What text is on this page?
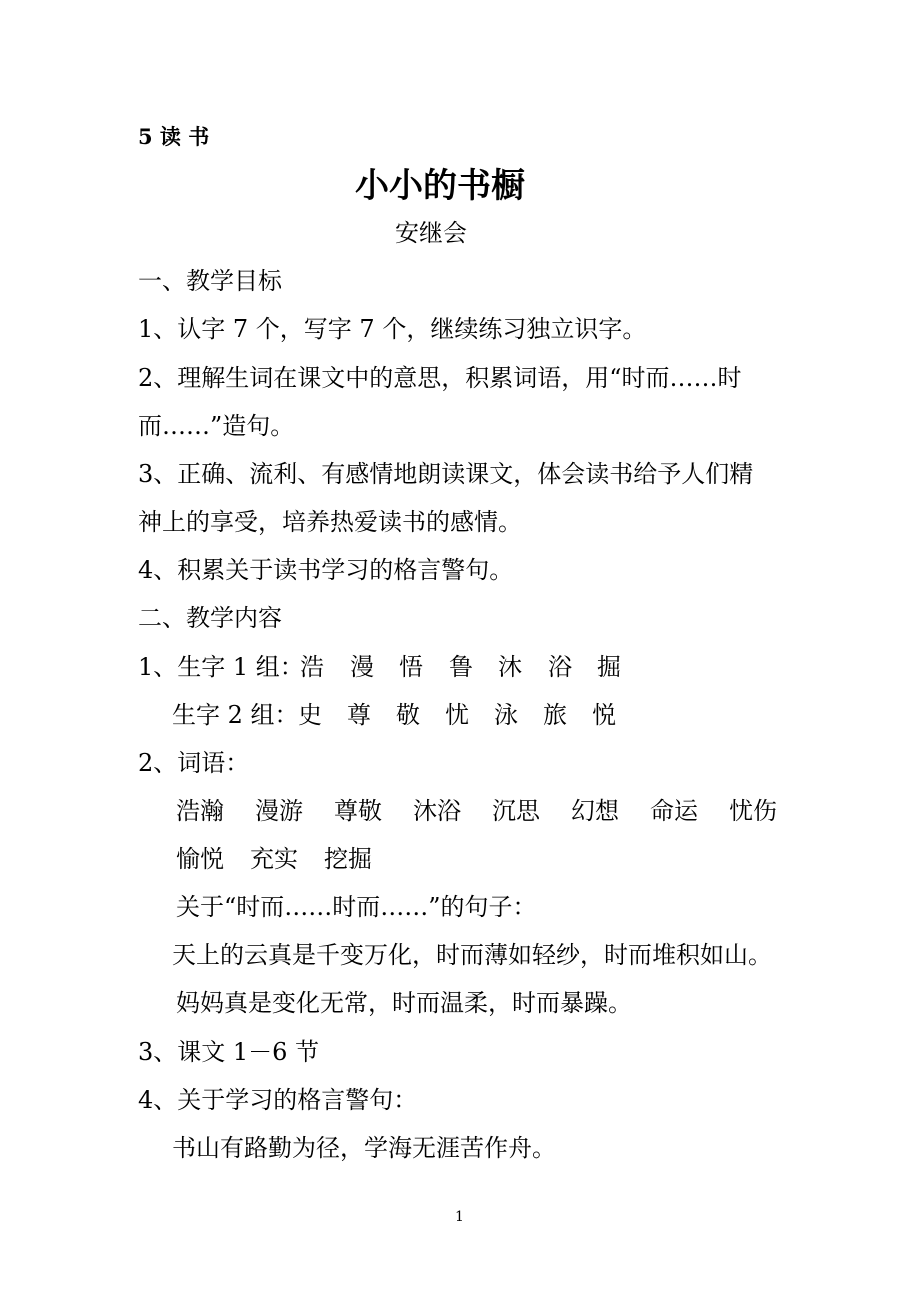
5 读 书
小小的书橱
安继会
一、教学目标
1、认字 7 个，写字 7 个，继续练习独立识字。
2、理解生词在课文中的意思，积累词语，用“时而……时
而……”造句。
3、正确、流利、有感情地朗读课文，体会读书给予人们精
神上的享受，培养热爱读书的感情。
4、积累关于读书学习的格言警句。
二、教学内容
1、生字 1 组：
浩 漫 悟 鲁 沐 浴 掘
生字 2 组： 史 尊 敬 忧 泳 旅 悦
2、词语：
浩瀚 漫游 尊敬 沐浴 沉思 幻想 命运 忧伤
愉悦 充实 挖掘
关于“时而……时而……”的句子：
天上的云真是千变万化，时而薄如轻纱，时而堆积如山。
妈妈真是变化无常，时而温柔，时而暴躁。
3、课文 1－6 节
4、关于学习的格言警句：
书山有路勤为径，学海无涯苦作舟。
1
